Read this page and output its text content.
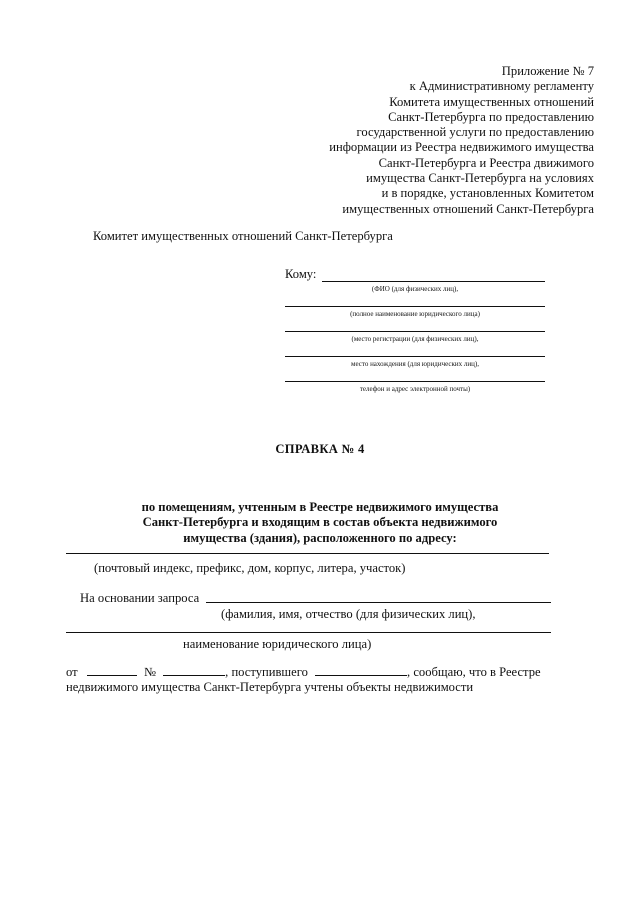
Приложение № 7
к Административному регламенту
Комитета имущественных отношений
Санкт-Петербурга по предоставлению
государственной услуги по предоставлению
информации из Реестра недвижимого имущества
Санкт-Петербурга и Реестра движимого
имущества Санкт-Петербурга на условиях
и в порядке, установленных Комитетом
имущественных отношений Санкт-Петербурга
Комитет имущественных отношений Санкт-Петербурга
Кому:
(ФИО (для физических лиц),
(полное наименование юридического лица)
(место регистрации (для физических лиц),
место нахождения (для юридических лиц),
телефон и адрес электронной почты)
СПРАВКА № 4
по помещениям, учтенным в Реестре недвижимого имущества
Санкт-Петербурга и входящим в состав объекта недвижимого
имущества (здания), расположенного по адресу:
(почтовый индекс, префикс, дом, корпус, литера, участок)
На основании запроса
(фамилия, имя, отчество (для физических лиц),
наименование юридического лица)
от	№	, поступившего	, сообщаю, что в Реестре
недвижимого имущества Санкт-Петербурга учтены объекты недвижимости
